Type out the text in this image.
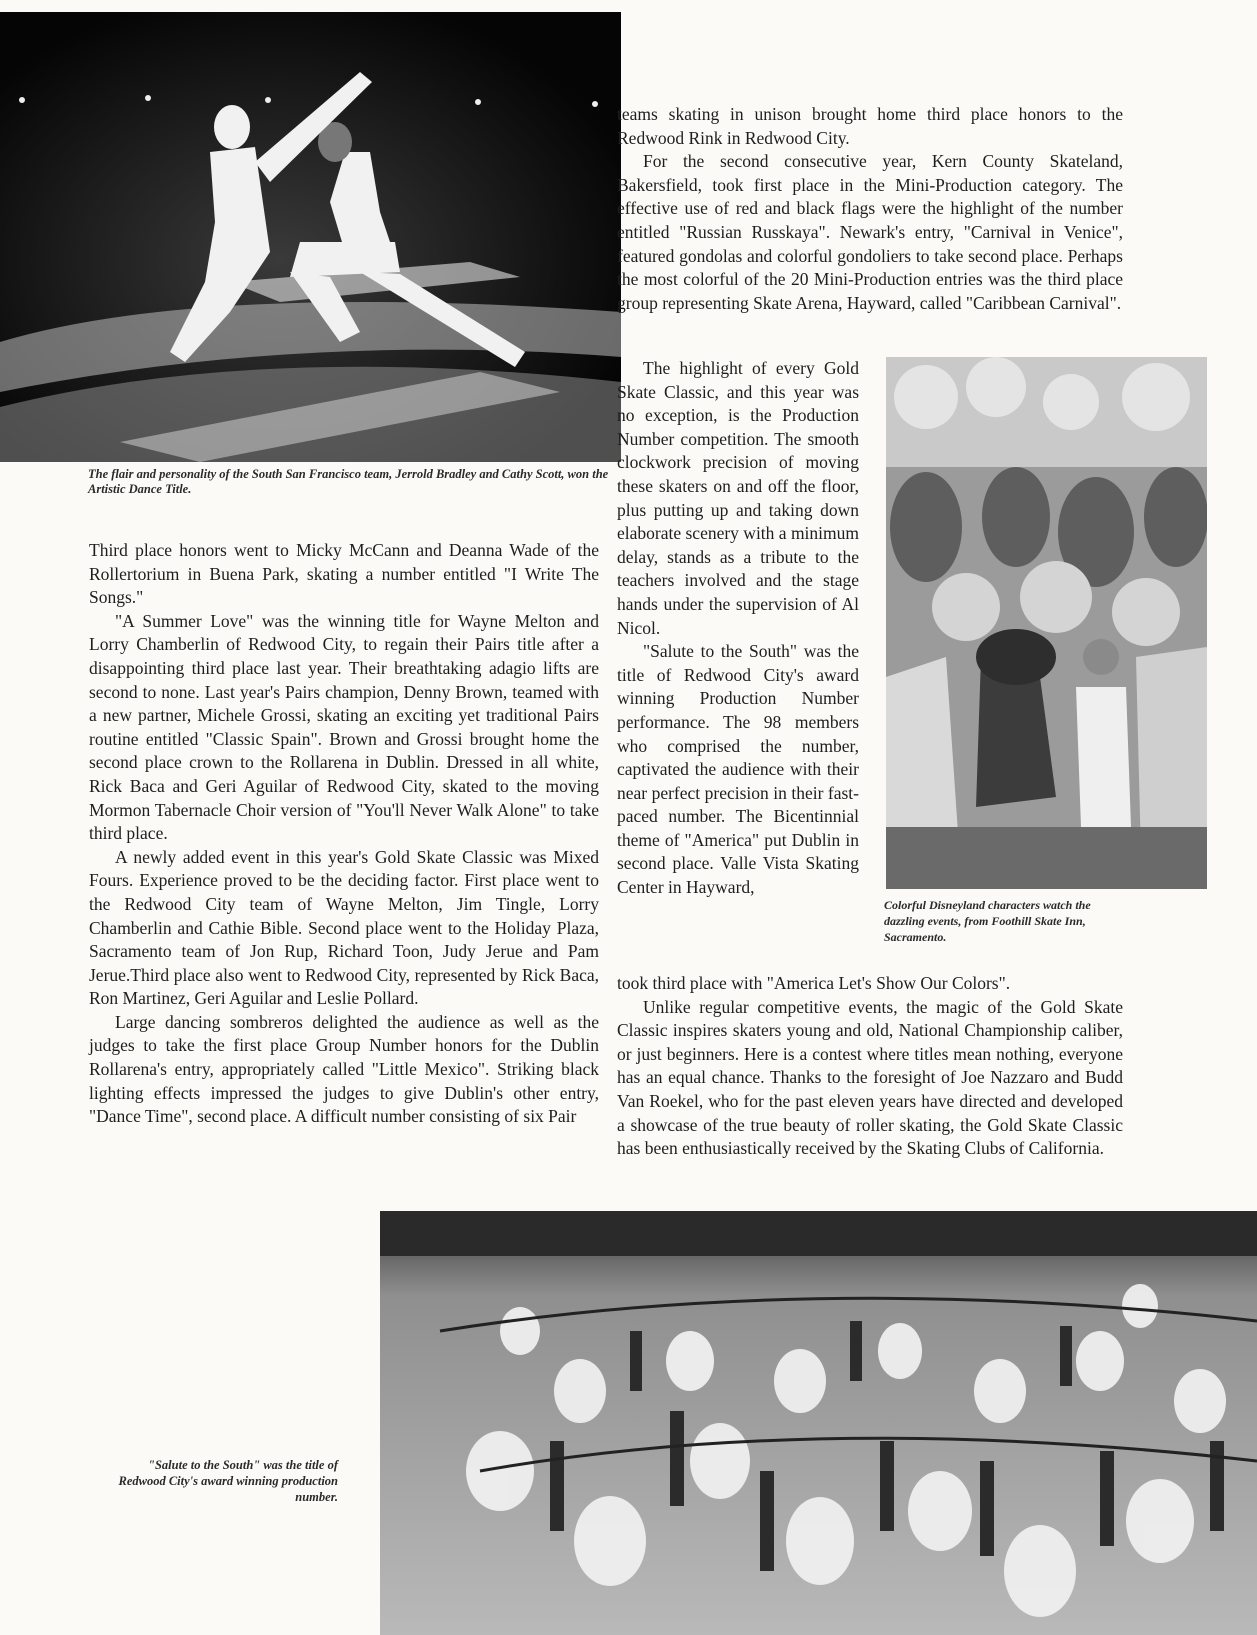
The flair and personality of the South San Francisco team, Jerrold Bradley and Cathy Scott, won the Artistic Dance Title.

teams skating in unison brought home third place honors to the Redwood Rink in Redwood City.

For the second consecutive year, Kern County Skateland, Bakersfield, took first place in the Mini-Production category. The effective use of red and black flags were the highlight of the number entitled "Russian Russkaya". Newark's entry, "Carnival in Venice", featured gondolas and colorful gondoliers to take second place. Perhaps the most colorful of the 20 Mini-Production entries was the third place group representing Skate Arena, Hayward, called "Caribbean Carnival".

The highlight of every Gold Skate Classic, and this year was no exception, is the Production Number competition. The smooth clockwork precision of moving these skaters on and off the floor, plus putting up and taking down elaborate scenery with a minimum delay, stands as a tribute to the teachers involved and the stage hands under the supervision of Al Nicol.

"Salute to the South" was the title of Redwood City's award winning Production Number performance. The 98 members who comprised the number, captivated the audience with their near perfect precision in their fast-paced number. The Bicentinnial theme of "America" put Dublin in second place. Valle Vista Skating Center in Hayward,

Colorful Disneyland characters watch the dazzling events, from Foothill Skate Inn, Sacramento.

Third place honors went to Micky McCann and Deanna Wade of the Rollertorium in Buena Park, skating a number entitled "I Write The Songs."

"A Summer Love" was the winning title for Wayne Melton and Lorry Chamberlin of Redwood City, to regain their Pairs title after a disappointing third place last year. Their breathtaking adagio lifts are second to none. Last year's Pairs champion, Denny Brown, teamed with a new partner, Michele Grossi, skating an exciting yet traditional Pairs routine entitled "Classic Spain". Brown and Grossi brought home the second place crown to the Rollarena in Dublin. Dressed in all white, Rick Baca and Geri Aguilar of Redwood City, skated to the moving Mormon Tabernacle Choir version of "You'll Never Walk Alone" to take third place.

A newly added event in this year's Gold Skate Classic was Mixed Fours. Experience proved to be the deciding factor. First place went to the Redwood City team of Wayne Melton, Jim Tingle, Lorry Chamberlin and Cathie Bible. Second place went to the Holiday Plaza, Sacramento team of Jon Rup, Richard Toon, Judy Jerue and Pam Jerue.Third place also went to Redwood City, represented by Rick Baca, Ron Martinez, Geri Aguilar and Leslie Pollard.

Large dancing sombreros delighted the audience as well as the judges to take the first place Group Number honors for the Dublin Rollarena's entry, appropriately called "Little Mexico". Striking black lighting effects impressed the judges to give Dublin's other entry, "Dance Time", second place. A difficult number consisting of six Pair

took third place with "America Let's Show Our Colors".

Unlike regular competitive events, the magic of the Gold Skate Classic inspires skaters young and old, National Championship caliber, or just beginners. Here is a contest where titles mean nothing, everyone has an equal chance. Thanks to the foresight of Joe Nazzaro and Budd Van Roekel, who for the past eleven years have directed and developed a showcase of the true beauty of roller skating, the Gold Skate Classic has been enthusiastically received by the Skating Clubs of California.

"Salute to the South" was the title of Redwood City's award winning production number.
